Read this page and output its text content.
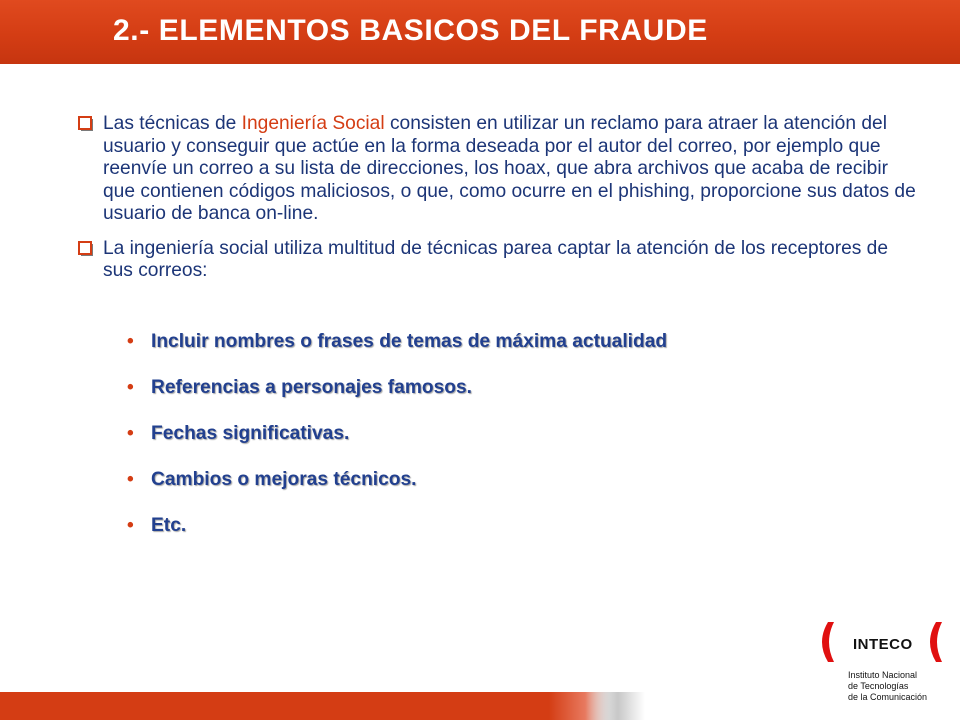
2.- ELEMENTOS BASICOS DEL FRAUDE
Las técnicas de Ingeniería Social consisten en utilizar un reclamo para atraer la atención del usuario y conseguir que actúe en la forma deseada por el autor del correo, por ejemplo que reenvíe un correo a su lista de direcciones, los hoax, que abra archivos que acaba de recibir que contienen códigos maliciosos, o que, como ocurre en el phishing, proporcione sus datos de usuario de banca on-line.
La ingeniería social utiliza multitud de técnicas parea captar la atención de los receptores de sus correos:
• Incluir nombres o frases de temas de máxima actualidad
• Referencias a personajes famosos.
• Fechas significativas.
• Cambios o mejoras técnicos.
• Etc.
INTECO
Instituto Nacional
de Tecnologías
de la Comunicación
